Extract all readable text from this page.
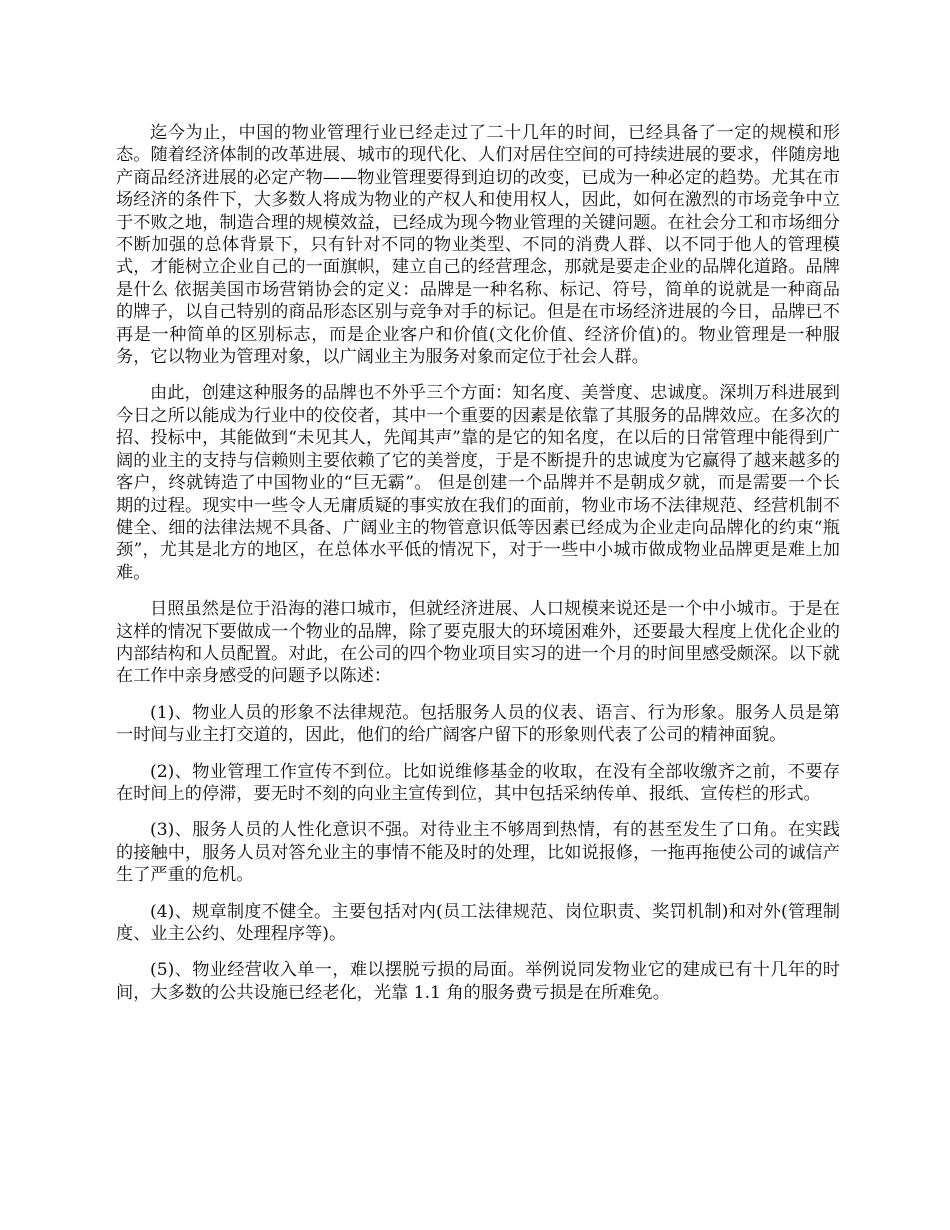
迄今为止，中国的物业管理行业已经走过了二十几年的时间，已经具备了一定的规模和形态。随着经济体制的改革进展、城市的现代化、人们对居住空间的可持续进展的要求，伴随房地产商品经济进展的必定产物——物业管理要得到迫切的改变，已成为一种必定的趋势。尤其在市场经济的条件下，大多数人将成为物业的产权人和使用权人，因此，如何在激烈的市场竞争中立于不败之地，制造合理的规模效益，已经成为现今物业管理的关键问题。在社会分工和市场细分不断加强的总体背景下，只有针对不同的物业类型、不同的消费人群、以不同于他人的管理模式，才能树立企业自己的一面旗帜，建立自己的经营理念，那就是要走企业的品牌化道路。品牌是什么 依据美国市场营销协会的定义：品牌是一种名称、标记、符号，简单的说就是一种商品的牌子，以自己特别的商品形态区别与竞争对手的标记。但是在市场经济进展的今日，品牌已不再是一种简单的区别标志，而是企业客户和价值(文化价值、经济价值)的。物业管理是一种服务，它以物业为管理对象，以广阔业主为服务对象而定位于社会人群。

由此，创建这种服务的品牌也不外乎三个方面：知名度、美誉度、忠诚度。深圳万科进展到今日之所以能成为行业中的佼佼者，其中一个重要的因素是依靠了其服务的品牌效应。在多次的招、投标中，其能做到“未见其人，先闻其声”靠的是它的知名度，在以后的日常管理中能得到广阔的业主的支持与信赖则主要依赖了它的美誉度，于是不断提升的忠诚度为它赢得了越来越多的客户，终就铸造了中国物业的“巨无霸”。 但是创建一个品牌并不是朝成夕就，而是需要一个长期的过程。现实中一些令人无庸质疑的事实放在我们的面前，物业市场不法律规范、经营机制不健全、细的法律法规不具备、广阔业主的物管意识低等因素已经成为企业走向品牌化的约束“瓶颈”，尤其是北方的地区，在总体水平低的情况下，对于一些中小城市做成物业品牌更是难上加难。

日照虽然是位于沿海的港口城市，但就经济进展、人口规模来说还是一个中小城市。于是在这样的情况下要做成一个物业的品牌，除了要克服大的环境困难外，还要最大程度上优化企业的内部结构和人员配置。对此，在公司的四个物业项目实习的进一个月的时间里感受颇深。以下就在工作中亲身感受的问题予以陈述：

(1)、物业人员的形象不法律规范。包括服务人员的仪表、语言、行为形象。服务人员是第一时间与业主打交道的，因此，他们的给广阔客户留下的形象则代表了公司的精神面貌。

(2)、物业管理工作宣传不到位。比如说维修基金的收取，在没有全部收缴齐之前，不要存在时间上的停滞，要无时不刻的向业主宣传到位，其中包括采纳传单、报纸、宣传栏的形式。

(3)、服务人员的人性化意识不强。对待业主不够周到热情，有的甚至发生了口角。在实践的接触中，服务人员对答允业主的事情不能及时的处理，比如说报修，一拖再拖使公司的诚信产生了严重的危机。

(4)、规章制度不健全。主要包括对内(员工法律规范、岗位职责、奖罚机制)和对外(管理制度、业主公约、处理程序等)。

(5)、物业经营收入单一，难以摆脱亏损的局面。举例说同发物业它的建成已有十几年的时间，大多数的公共设施已经老化，光靠 1.1 角的服务费亏损是在所难免。
